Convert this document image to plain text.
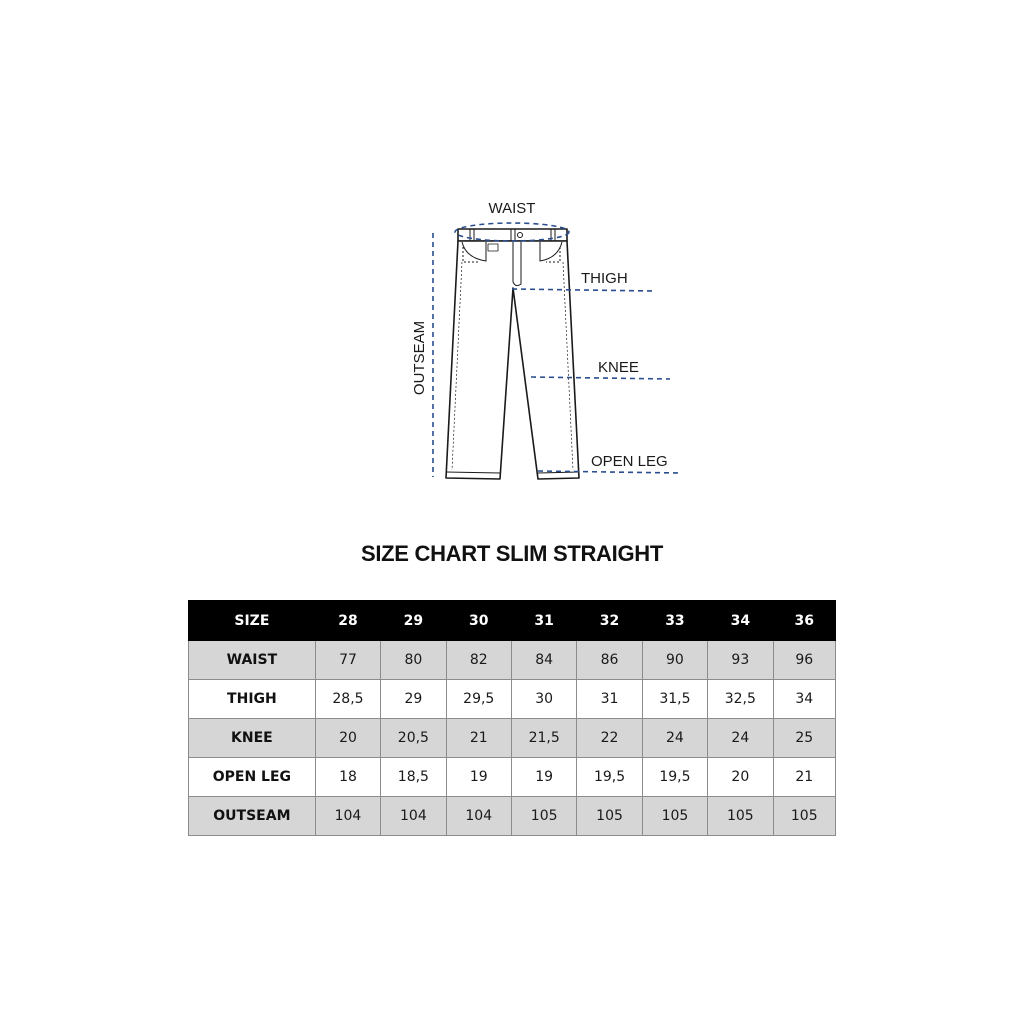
WAIST
THIGH
KNEE
OPEN LEG
OUTSEAM
SIZE CHART SLIM STRAIGHT
SIZE	28	29	30	31	32	33	34	36
WAIST	77	80	82	84	86	90	93	96
THIGH	28,5	29	29,5	30	31	31,5	32,5	34
KNEE	20	20,5	21	21,5	22	24	24	25
OPEN LEG	18	18,5	19	19	19,5	19,5	20	21
OUTSEAM	104	104	104	105	105	105	105	105
